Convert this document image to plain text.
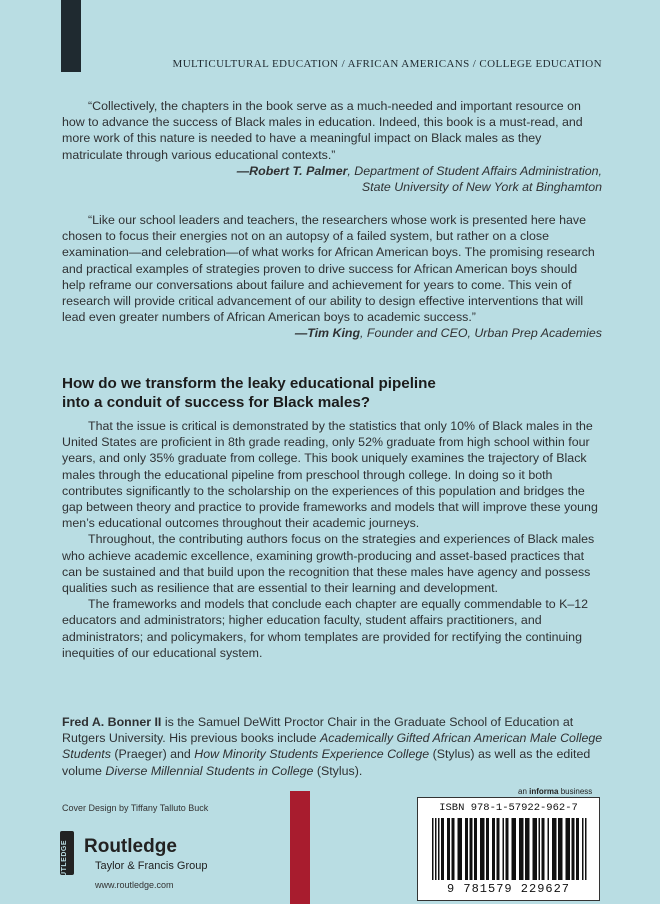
MULTICULTURAL EDUCATION / AFRICAN AMERICANS / COLLEGE EDUCATION

“Collectively, the chapters in the book serve as a much-needed and important resource on how to advance the success of Black males in education. Indeed, this book is a must-read, and more work of this nature is needed to have a meaningful impact on Black males as they matriculate through various educational contexts.”

—Robert T. Palmer, Department of Student Affairs Administration,
State University of New York at Binghamton

“Like our school leaders and teachers, the researchers whose work is presented here have chosen to focus their energies not on an autopsy of a failed system, but rather on a close examination—and celebration—of what works for African American boys. The promising research and practical examples of strategies proven to drive success for African American boys should help reframe our conversations about failure and achievement for years to come. This vein of research will provide critical advancement of our ability to design effective interventions that will lead even greater numbers of African American boys to academic success.”

—Tim King, Founder and CEO, Urban Prep Academies
How do we transform the leaky educational pipeline
into a conduit of success for Black males?

That the issue is critical is demonstrated by the statistics that only 10% of Black males in the United States are proficient in 8th grade reading, only 52% graduate from high school within four years, and only 35% graduate from college. This book uniquely examines the trajectory of Black males through the educational pipeline from preschool through college. In doing so it both contributes significantly to the scholarship on the experiences of this population and bridges the gap between theory and practice to provide frameworks and models that will improve these young men’s educational outcomes throughout their academic journeys.

Throughout, the contributing authors focus on the strategies and experiences of Black males who achieve academic excellence, examining growth-producing and asset-based practices that can be sustained and that build upon the recognition that these males have agency and possess qualities such as resilience that are essential to their learning and development.

The frameworks and models that conclude each chapter are equally commendable to K–12 educators and administrators; higher education faculty, student affairs practitioners, and administrators; and policymakers, for whom templates are provided for rectifying the continuing inequities of our educational system.

Fred A. Bonner II is the Samuel DeWitt Proctor Chair in the Graduate School of Education at Rutgers University. His previous books include Academically Gifted African American Male College Students (Praeger) and How Minority Students Experience College (Stylus) as well as the edited volume Diverse Millennial Students in College (Stylus).
Cover Design by Tiffany Talluto Buck
ROUTLEDGE Routledge
Taylor & Francis Group
www.routledge.com
an informa business
ISBN 978-1-57922-962-7
9 781579 229627
